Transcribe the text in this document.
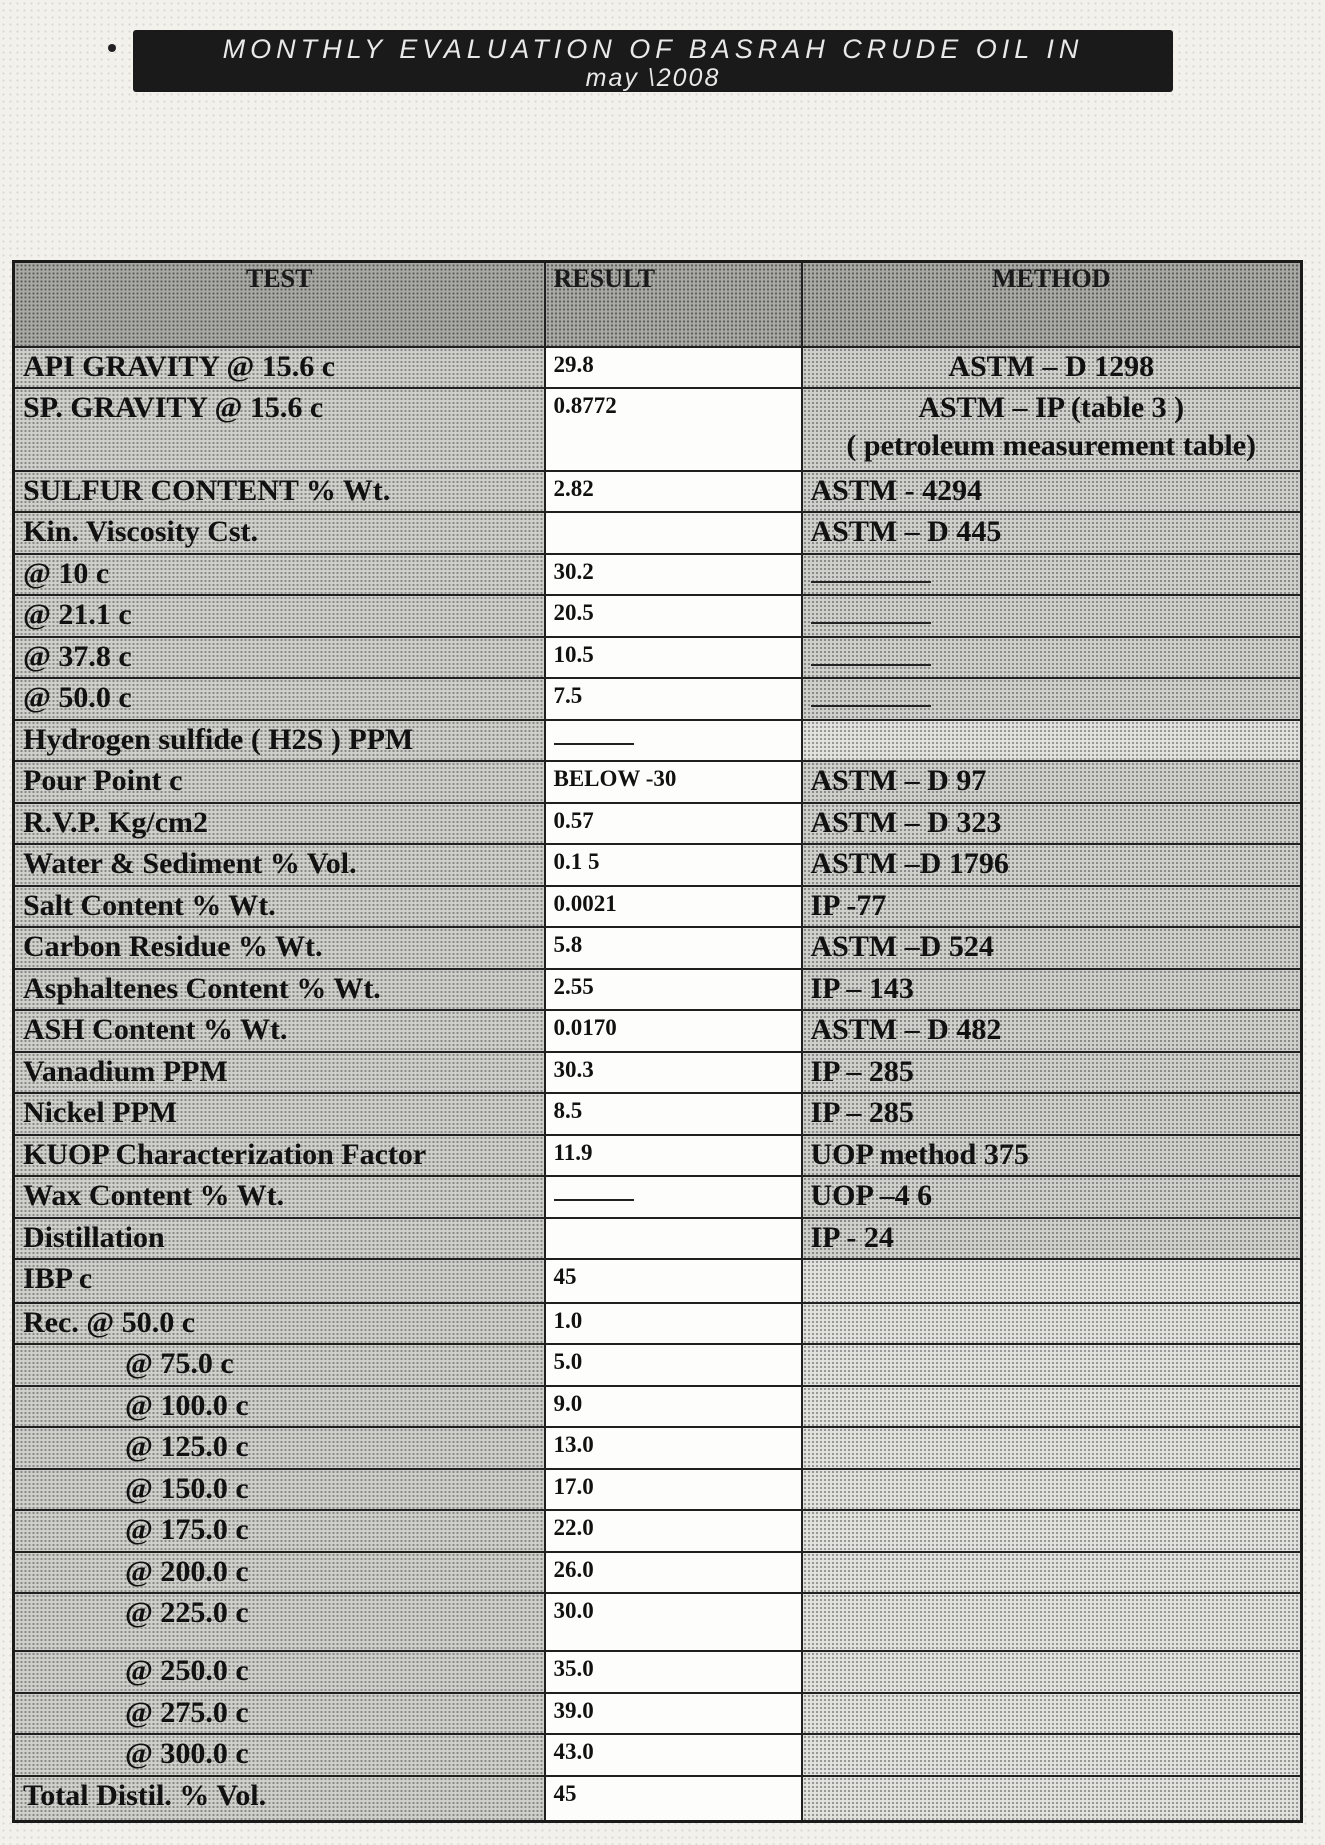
MONTHLY EVALUATION OF BASRAH CRUDE OIL IN
may \2008
TEST	RESULT	METHOD
API GRAVITY @ 15.6 c	29.8	ASTM – D 1298
SP. GRAVITY @ 15.6 c	0.8772	ASTM – IP (table 3 )
( petroleum measurement table)

SULFUR CONTENT % Wt.	2.82	ASTM - 4294
Kin. Viscosity Cst.		ASTM – D 445
@ 10 c	30.2	
@ 21.1 c	20.5	
@ 37.8 c	10.5	
@ 50.0 c	7.5	
Hydrogen sulfide ( H2S ) PPM		
Pour Point c	BELOW -30	ASTM – D 97
R.V.P. Kg/cm2	0.57	ASTM – D 323
Water & Sediment % Vol.	0.1 5	ASTM –D 1796
Salt Content % Wt.	0.0021	IP -77
Carbon Residue % Wt.	5.8	ASTM –D 524
Asphaltenes Content % Wt.	2.55	IP – 143
ASH Content % Wt.	0.0170	ASTM – D 482
Vanadium PPM	30.3	IP – 285
Nickel PPM	8.5	IP – 285
KUOP Characterization Factor	11.9	UOP method 375
Wax Content % Wt.		UOP –4 6
Distillation		IP - 24
IBP c	45	
Rec. @ 50.0 c	1.0	
@ 75.0 c	5.0	
@ 100.0 c	9.0	
@ 125.0 c	13.0	
@ 150.0 c	17.0	
@ 175.0 c	22.0	
@ 200.0 c	26.0	
@ 225.0 c	30.0	
@ 250.0 c	35.0	
@ 275.0 c	39.0	
@ 300.0 c	43.0	
Total Distil. % Vol.	45	
